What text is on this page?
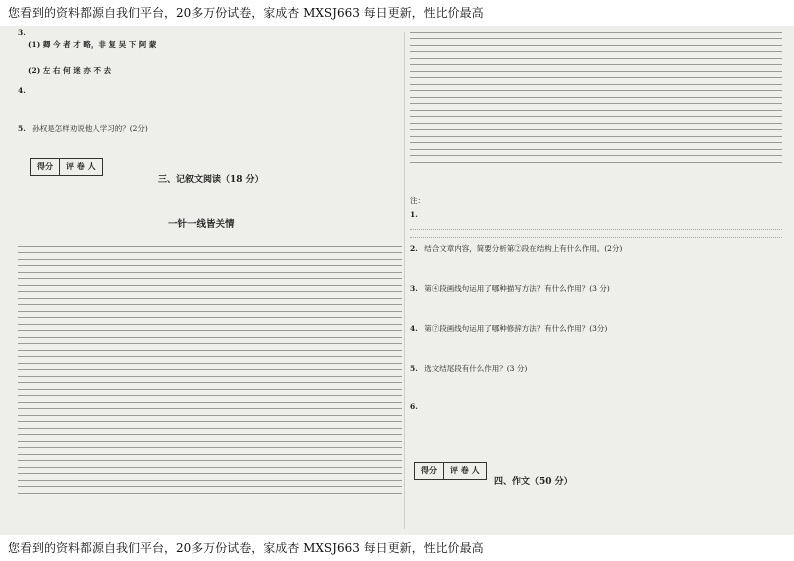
您看到的资料都源自我们平台，20多万份试卷，家成杏 MXSJ663 每日更新，性比价最高
3.
(1) 卿 今 者 才 略，非 复 吴 下 阿 蒙
(2) 左 右 何 迷 亦 不 去
4.
5. 孙权是怎样劝说他人学习的？(2分)
得分	评 卷 人
三、记叙文阅读（18 分）
一针一线皆关情
注：
1.
2. 结合文章内容，简要分析第②段在结构上有什么作用。(2分)
3. 第④段画线句运用了哪种描写方法？有什么作用？(3 分)
4. 第⑦段画线句运用了哪种修辞方法？有什么作用？(3分)
5. 选文结尾段有什么作用？(3 分)
6.
得分	评 卷 人
四、作文（50 分）
您看到的资料都源自我们平台，20多万份试卷，家成杏 MXSJ663 每日更新，性比价最高
